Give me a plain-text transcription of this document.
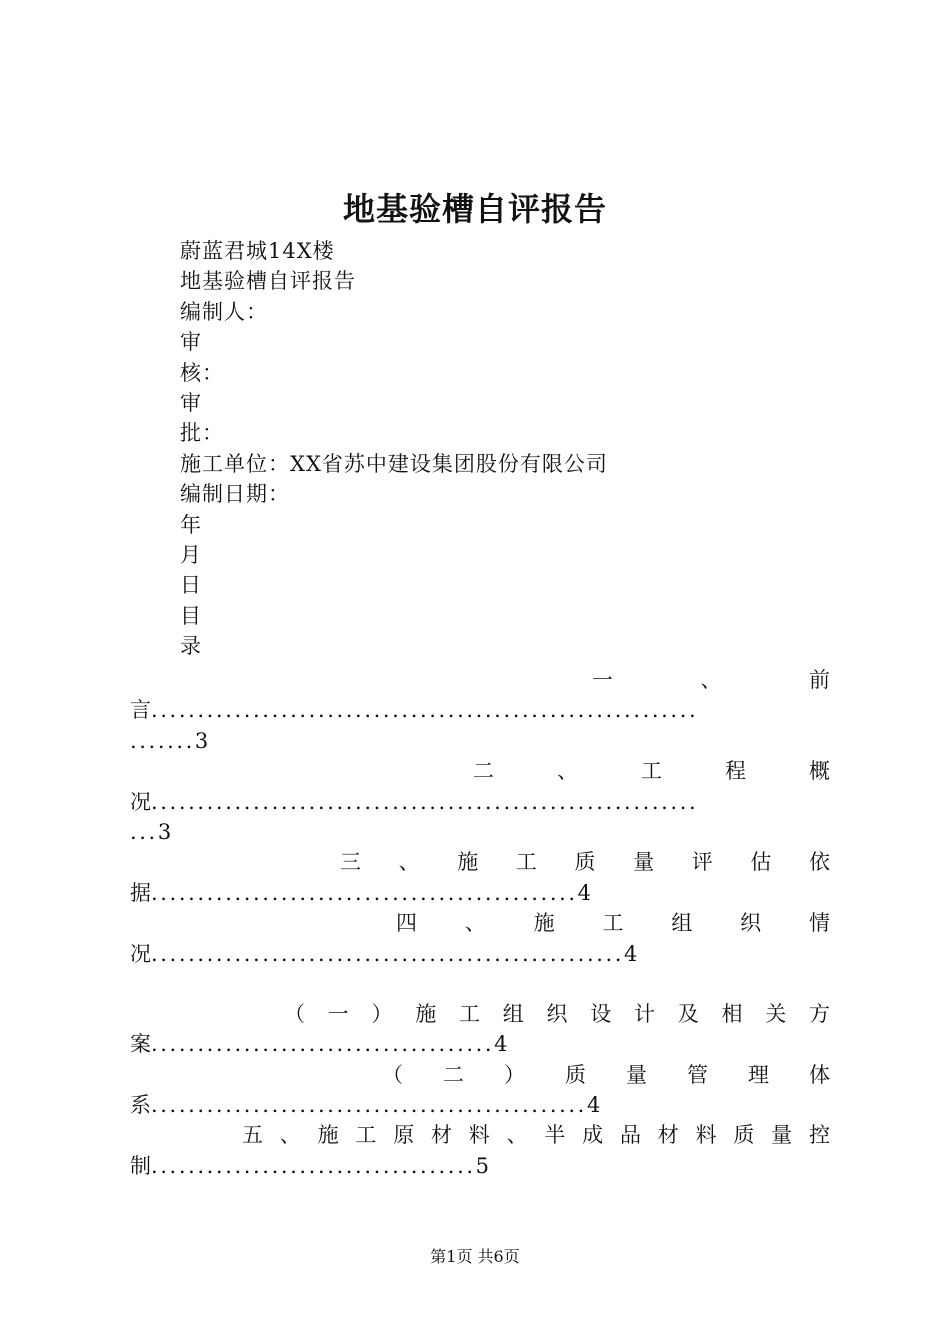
地基验槽自评报告
蔚蓝君城14X楼
地基验槽自评报告
编制人：
审
核：
审
批：
施工单位：XX省苏中建设集团股份有限公司
编制日期：
年
月
日
目
录
一	、	前
言...........................................................
.......3
二	、	工	程	概
况...........................................................
...3
三 、 施 工 质 量 评 估 依
据..............................................4
四 、 施 工 组 织 情
况...................................................4
（ 一 ） 施 工 组 织 设 计 及 相 关 方
案.....................................4
（ 二 ） 质 量 管 理 体
系...............................................4
五 、 施 工 原 材 料 、 半 成 品 材 料 质 量 控
制...................................5
第1页 共6页
